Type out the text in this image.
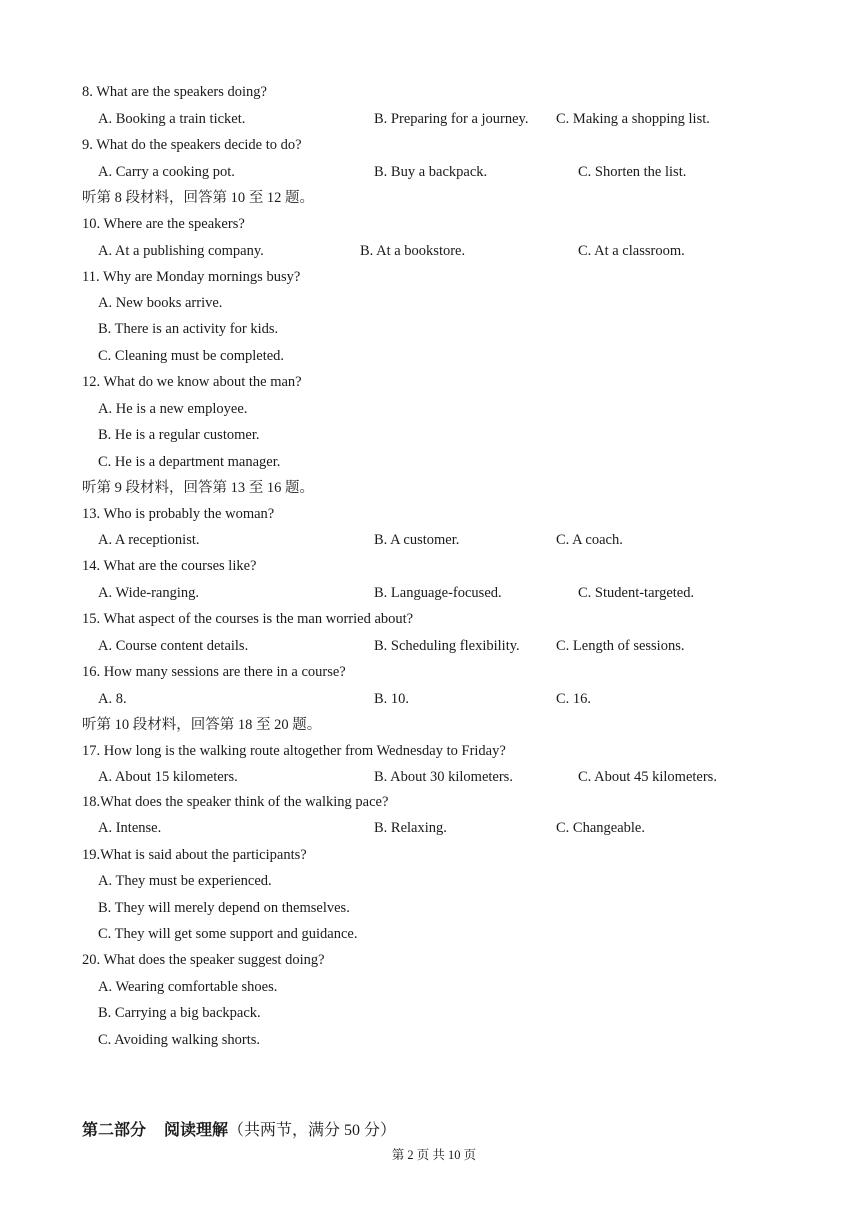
8. What are the speakers doing?
A. Booking a train ticket.	B. Preparing for a journey. C. Making a shopping list.
9. What do the speakers decide to do?
A. Carry a cooking pot.	B. Buy a backpack.	C. Shorten the list.
听第 8 段材料，回答第 10 至 12 题。
10. Where are the speakers?
A. At a publishing company.	B. At a bookstore.	C. At a classroom.
11. Why are Monday mornings busy?
A. New books arrive.
B. There is an activity for kids.
C. Cleaning must be completed.
12. What do we know about the man?
A. He is a new employee.
B. He is a regular customer.
C. He is a department manager.
听第 9 段材料，回答第 13 至 16 题。
13. Who is probably the woman?
A. A receptionist.	B. A customer.	C. A coach.
14. What are the courses like?
A. Wide-ranging.	B. Language-focused.	C. Student-targeted.
15. What aspect of the courses is the man worried about?
A. Course content details.	B. Scheduling flexibility.	C. Length of sessions.
16. How many sessions are there in a course?
A. 8.	B. 10.	C. 16.
听第 10 段材料，回答第 18 至 20 题。
17. How long is the walking route altogether from Wednesday to Friday?
A. About 15 kilometers.	B. About 30 kilometers.	C. About 45 kilometers.
18.What does the speaker think of the walking pace?
A. Intense.	B. Relaxing.	C. Changeable.
19.What is said about the participants?
A. They must be experienced.
B. They will merely depend on themselves.
C. They will get some support and guidance.
20. What does the speaker suggest doing?
A. Wearing comfortable shoes.
B. Carrying a big backpack.
C. Avoiding walking shorts.
第二部分 阅读理解（共两节，满分 50 分）
第 2 页 共 10 页
